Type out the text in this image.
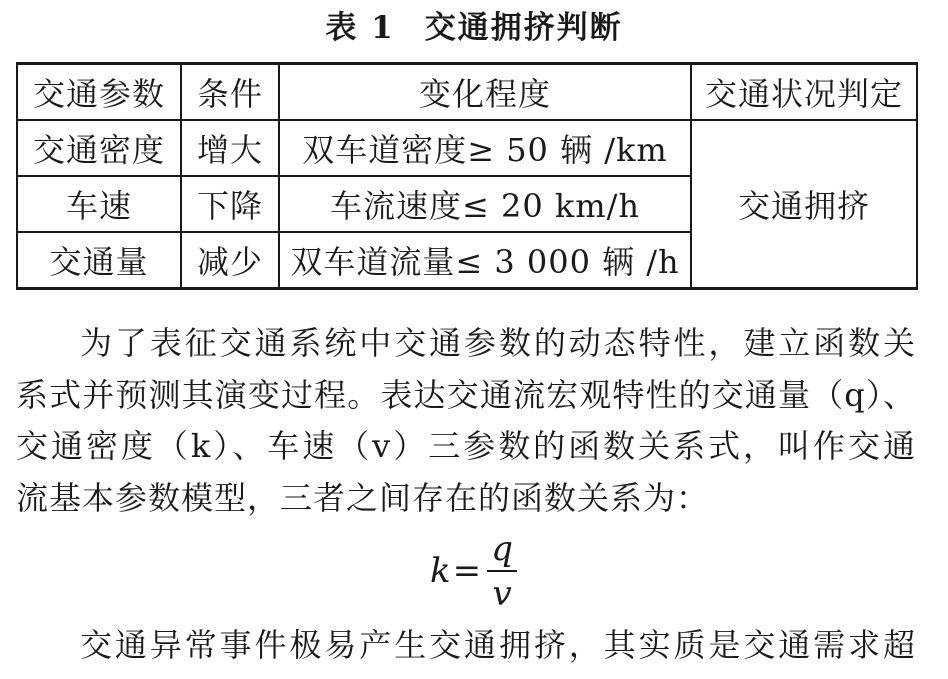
表 1 交通拥挤判断
交通参数	条件	变化程度	交通状况判定
交通密度	增大	双车道密度≥ 50 辆 /km	交通拥挤
车速	下降	车流速度≤ 20 km/h	
交通量	减少	双车道流量≤ 3 000 辆 /h	
为了表征交通系统中交通参数的动态特性，建立函数关
系式并预测其演变过程。表达交通流宏观特性的交通量（q）、
交通密度（k）、车速（v）三参数的函数关系式，叫作交通
流基本参数模型，三者之间存在的函数关系为：
$k = \frac{q}{v}$
交通异常事件极易产生交通拥挤，其实质是交通需求超
